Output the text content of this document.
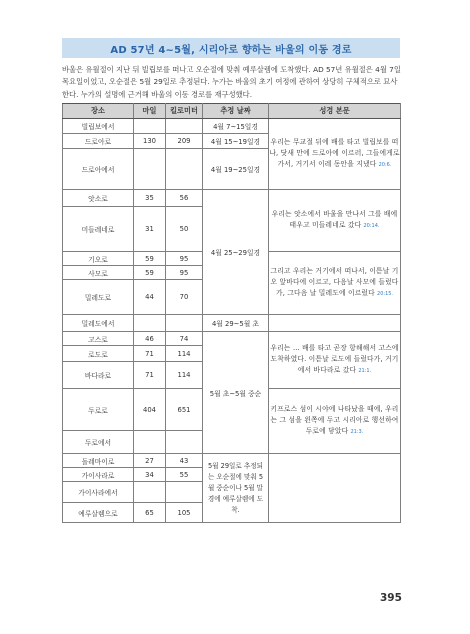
AD 57년 4~5월, 시리아로 향하는 바울의 이동 경로

바울은 유월절이 지난 뒤 빌립보를 떠나고 오순절에 맞춰 예루살렘에 도착했다. AD 57년 유월절은 4월 7일 목요일이었고, 오순절은 5월 29일로 추정된다. 누가는 바울의 초기 여정에 관하여 상당히 구체적으로 묘사한다. 누가의 설명에 근거해 바울의 이동 경로를 재구성했다.

장소	마일	킬로미터	추정 날짜	성경 본문
빌립보에서			4월 7~15일경	우리는 무교절 뒤에 배를 타고 빌립보를 떠나, 닷새 만에 드로아에 이르러, 그들에게로 가서, 거기서 이레 동안을 지냈다 20:6.
드로아로	130	209	4월 15~19일경	
드로아에서			4월 19~25일경	
앗소로	35	56	4월 25~29일경	우리는 앗소에서 바울을 만나서 그를 배에 태우고 미들레네로 갔다 20:14.
미들레네로	31	50		
기오로	59	95		그리고 우리는 거기에서 떠나서, 이튿날 기오 앞바다에 이르고, 다음날 사모에 들렀다가, 그다음 날 밀레도에 이르렀다 20:15.
사모로	59	95		
밀레도로	44	70		
밀레도에서			4월 29~5월 초	
고스로	46	74	5월 초~5월 중순	우리는 … 배를 타고 곧장 항해해서 고스에 도착하였다. 이튿날 로도에 들렀다가, 거기에서 바다라로 갔다 21:1.
로도로	71	114		
바다라로	71	114		
두로로	404	651		키프로스 섬이 시야에 나타났을 때에, 우리는 그 섬을 왼쪽에 두고 시리아로 행선하여 두로에 닿았다 21:3.
두로에서				
돌레마이로	27	43	5월 29일로 추정되는 오순절에 맞춰 5월 중순이나 5월 말경에 예루살렘에 도착.	
가이사라로	34	55		
가이사라에서				
예루살렘으로	65	105		
395
